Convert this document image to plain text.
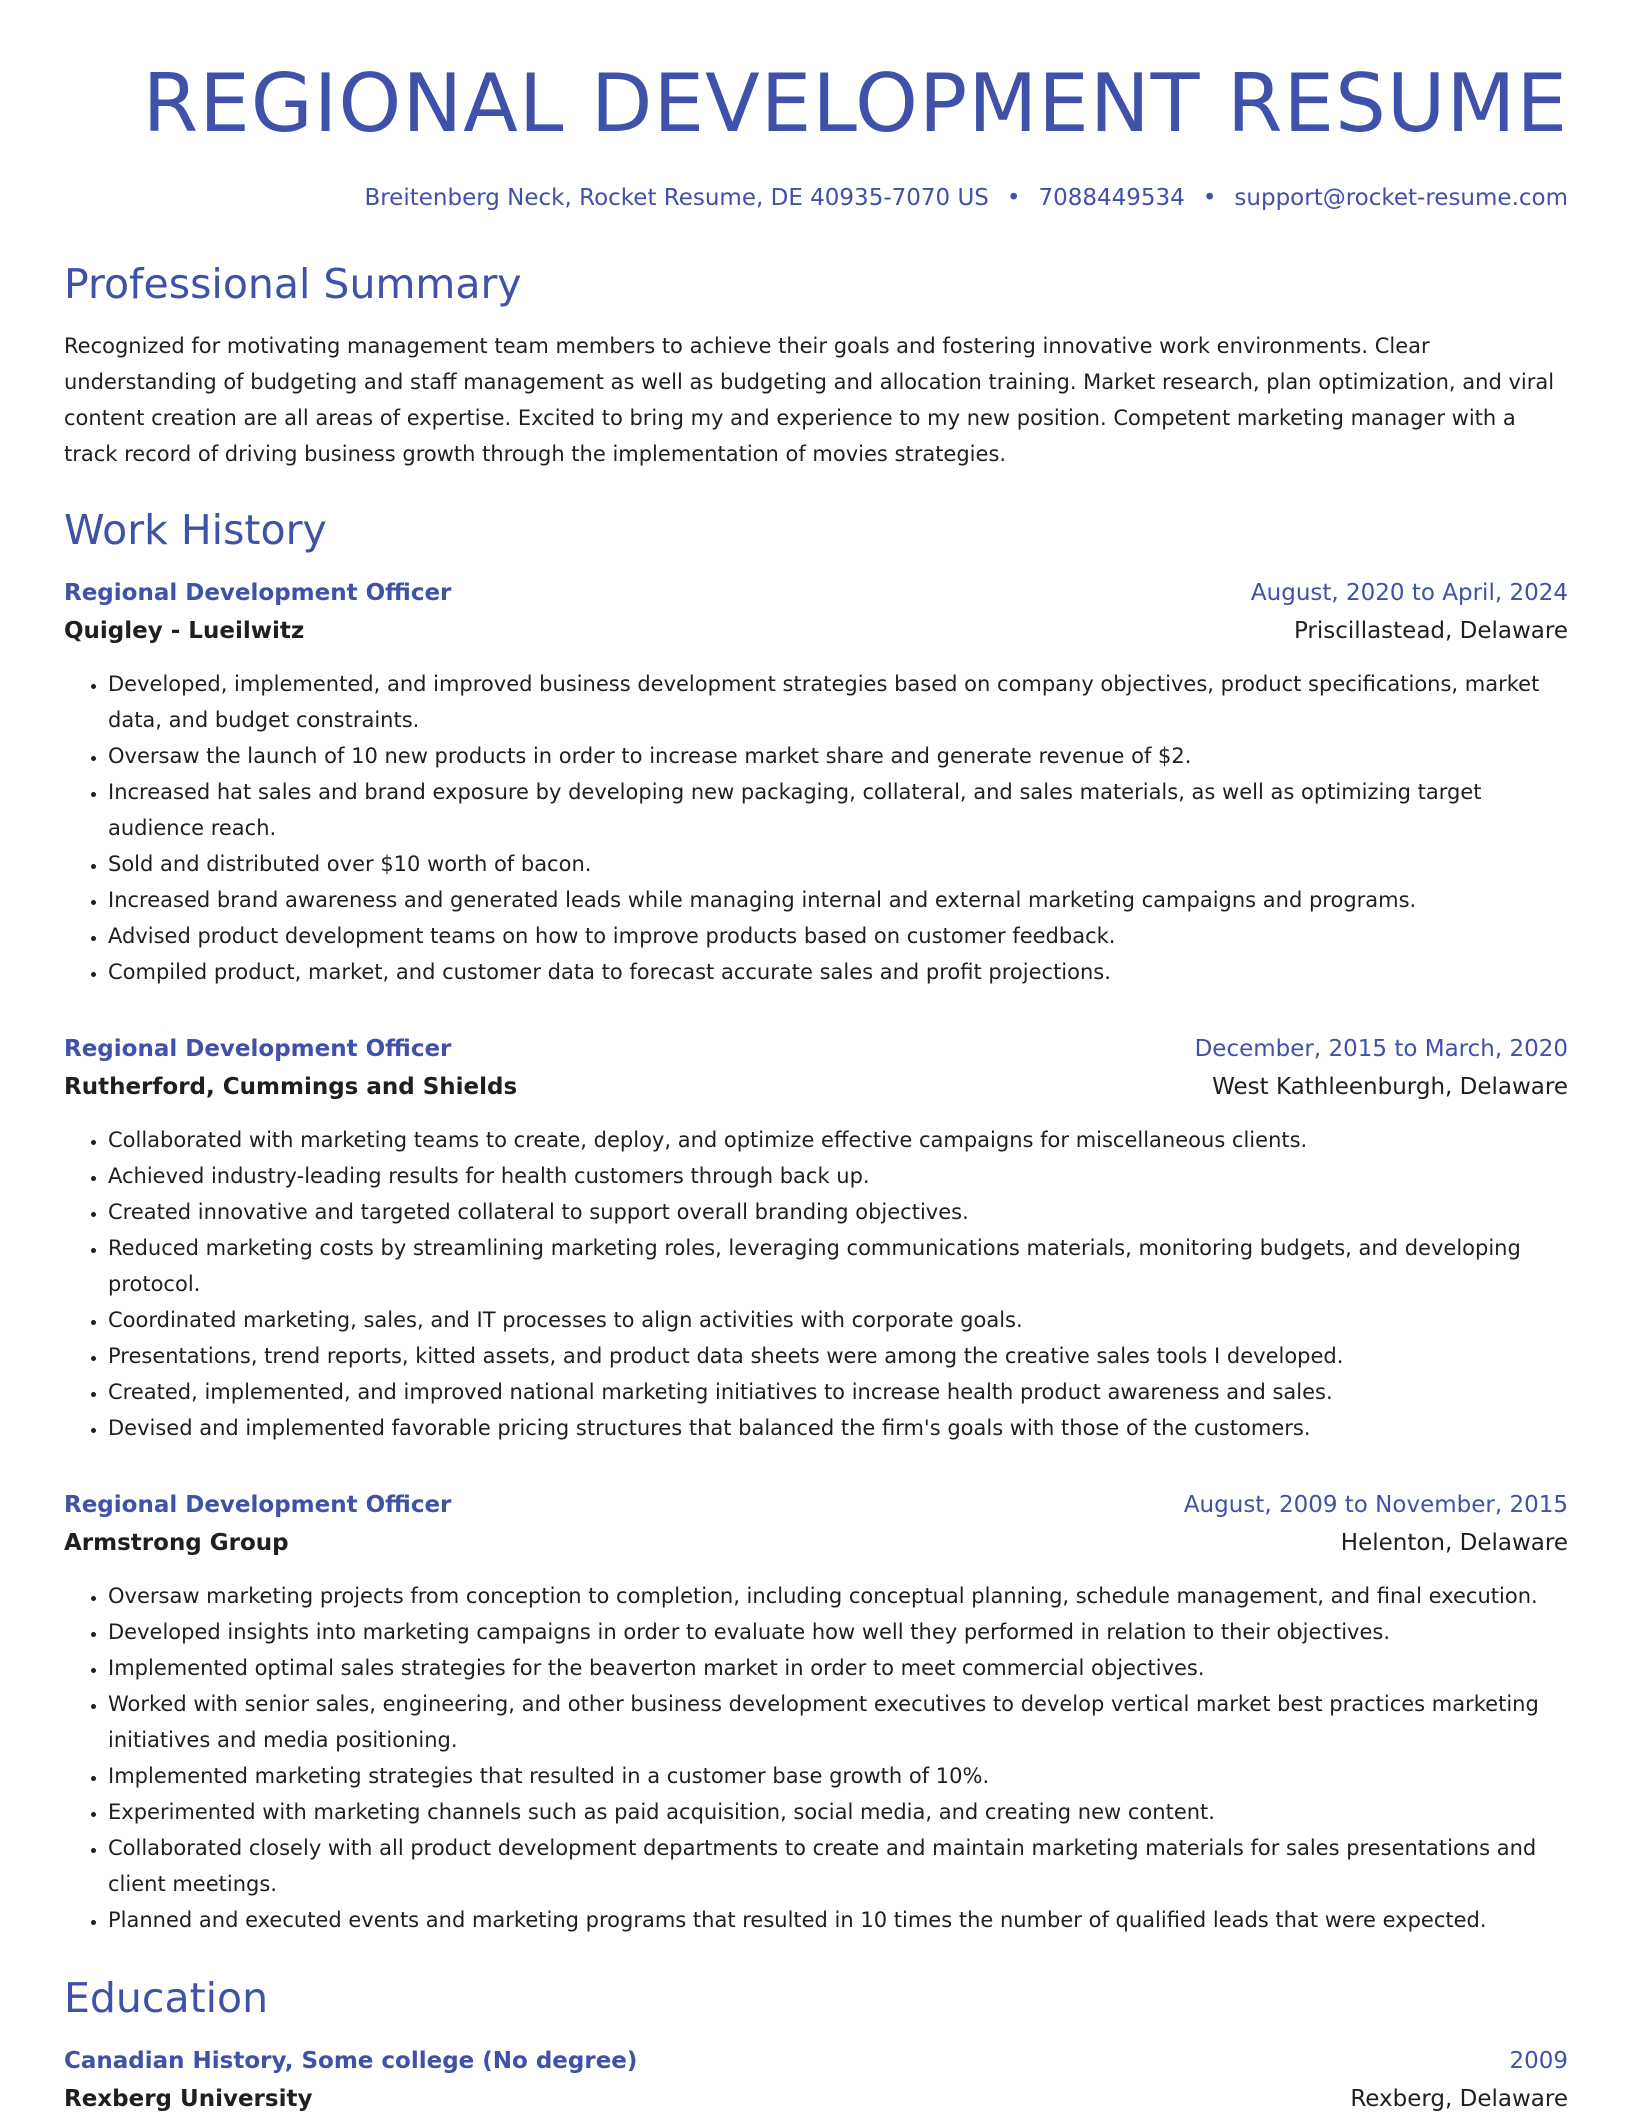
REGIONAL DEVELOPMENT RESUME
Breitenberg Neck, Rocket Resume, DE 40935-7070 US • 7088449534 • support@rocket-resume.com
Professional Summary

Recognized for motivating management team members to achieve their goals and fostering innovative work environments. Clear understanding of budgeting and staff management as well as budgeting and allocation training. Market research, plan optimization, and viral content creation are all areas of expertise. Excited to bring my and experience to my new position. Competent marketing manager with a track record of driving business growth through the implementation of movies strategies.

Work History
Regional Development Officer	August, 2020 to April, 2024
Quigley - Lueilwitz	Priscillastead, Delaware
• Developed, implemented, and improved business development strategies based on company objectives, product specifications, market data, and budget constraints.
• Oversaw the launch of 10 new products in order to increase market share and generate revenue of $2.
• Increased hat sales and brand exposure by developing new packaging, collateral, and sales materials, as well as optimizing target audience reach.
• Sold and distributed over $10 worth of bacon.
• Increased brand awareness and generated leads while managing internal and external marketing campaigns and programs.
• Advised product development teams on how to improve products based on customer feedback.
• Compiled product, market, and customer data to forecast accurate sales and profit projections.
Regional Development Officer	December, 2015 to March, 2020
Rutherford, Cummings and Shields	West Kathleenburgh, Delaware
• Collaborated with marketing teams to create, deploy, and optimize effective campaigns for miscellaneous clients.
• Achieved industry-leading results for health customers through back up.
• Created innovative and targeted collateral to support overall branding objectives.
• Reduced marketing costs by streamlining marketing roles, leveraging communications materials, monitoring budgets, and developing protocol.
• Coordinated marketing, sales, and IT processes to align activities with corporate goals.
• Presentations, trend reports, kitted assets, and product data sheets were among the creative sales tools I developed.
• Created, implemented, and improved national marketing initiatives to increase health product awareness and sales.
• Devised and implemented favorable pricing structures that balanced the firm's goals with those of the customers.
Regional Development Officer	August, 2009 to November, 2015
Armstrong Group	Helenton, Delaware
• Oversaw marketing projects from conception to completion, including conceptual planning, schedule management, and final execution.
• Developed insights into marketing campaigns in order to evaluate how well they performed in relation to their objectives.
• Implemented optimal sales strategies for the beaverton market in order to meet commercial objectives.
• Worked with senior sales, engineering, and other business development executives to develop vertical market best practices marketing initiatives and media positioning.
• Implemented marketing strategies that resulted in a customer base growth of 10%.
• Experimented with marketing channels such as paid acquisition, social media, and creating new content.
• Collaborated closely with all product development departments to create and maintain marketing materials for sales presentations and client meetings.
• Planned and executed events and marketing programs that resulted in 10 times the number of qualified leads that were expected.
Education
Canadian History, Some college (No degree)	2009
Rexberg University	Rexberg, Delaware
